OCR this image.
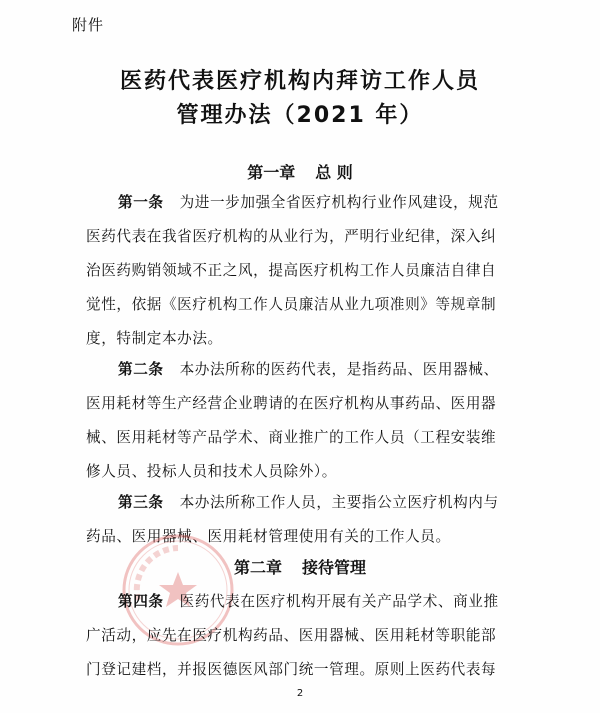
附件
医药代表医疗机构内拜访工作人员
管理办法（2021 年）
第一章 总 则
第一条 为进一步加强全省医疗机构行业作风建设，规范
医药代表在我省医疗机构的从业行为，严明行业纪律，深入纠
治医药购销领域不正之风，提高医疗机构工作人员廉洁自律自
觉性，依据《医疗机构工作人员廉洁从业九项准则》等规章制
度，特制定本办法。
第二条 本办法所称的医药代表，是指药品、医用器械、
医用耗材等生产经营企业聘请的在医疗机构从事药品、医用器
械、医用耗材等产品学术、商业推广的工作人员（工程安装维
修人员、投标人员和技术人员除外）。
第三条 本办法所称工作人员，主要指公立医疗机构内与
药品、医用器械、医用耗材管理使用有关的工作人员。
第二章 接待管理
第四条 医药代表在医疗机构开展有关产品学术、商业推
广活动，应先在医疗机构药品、医用器械、医用耗材等职能部
门登记建档，并报医德医风部门统一管理。原则上医药代表每
2
